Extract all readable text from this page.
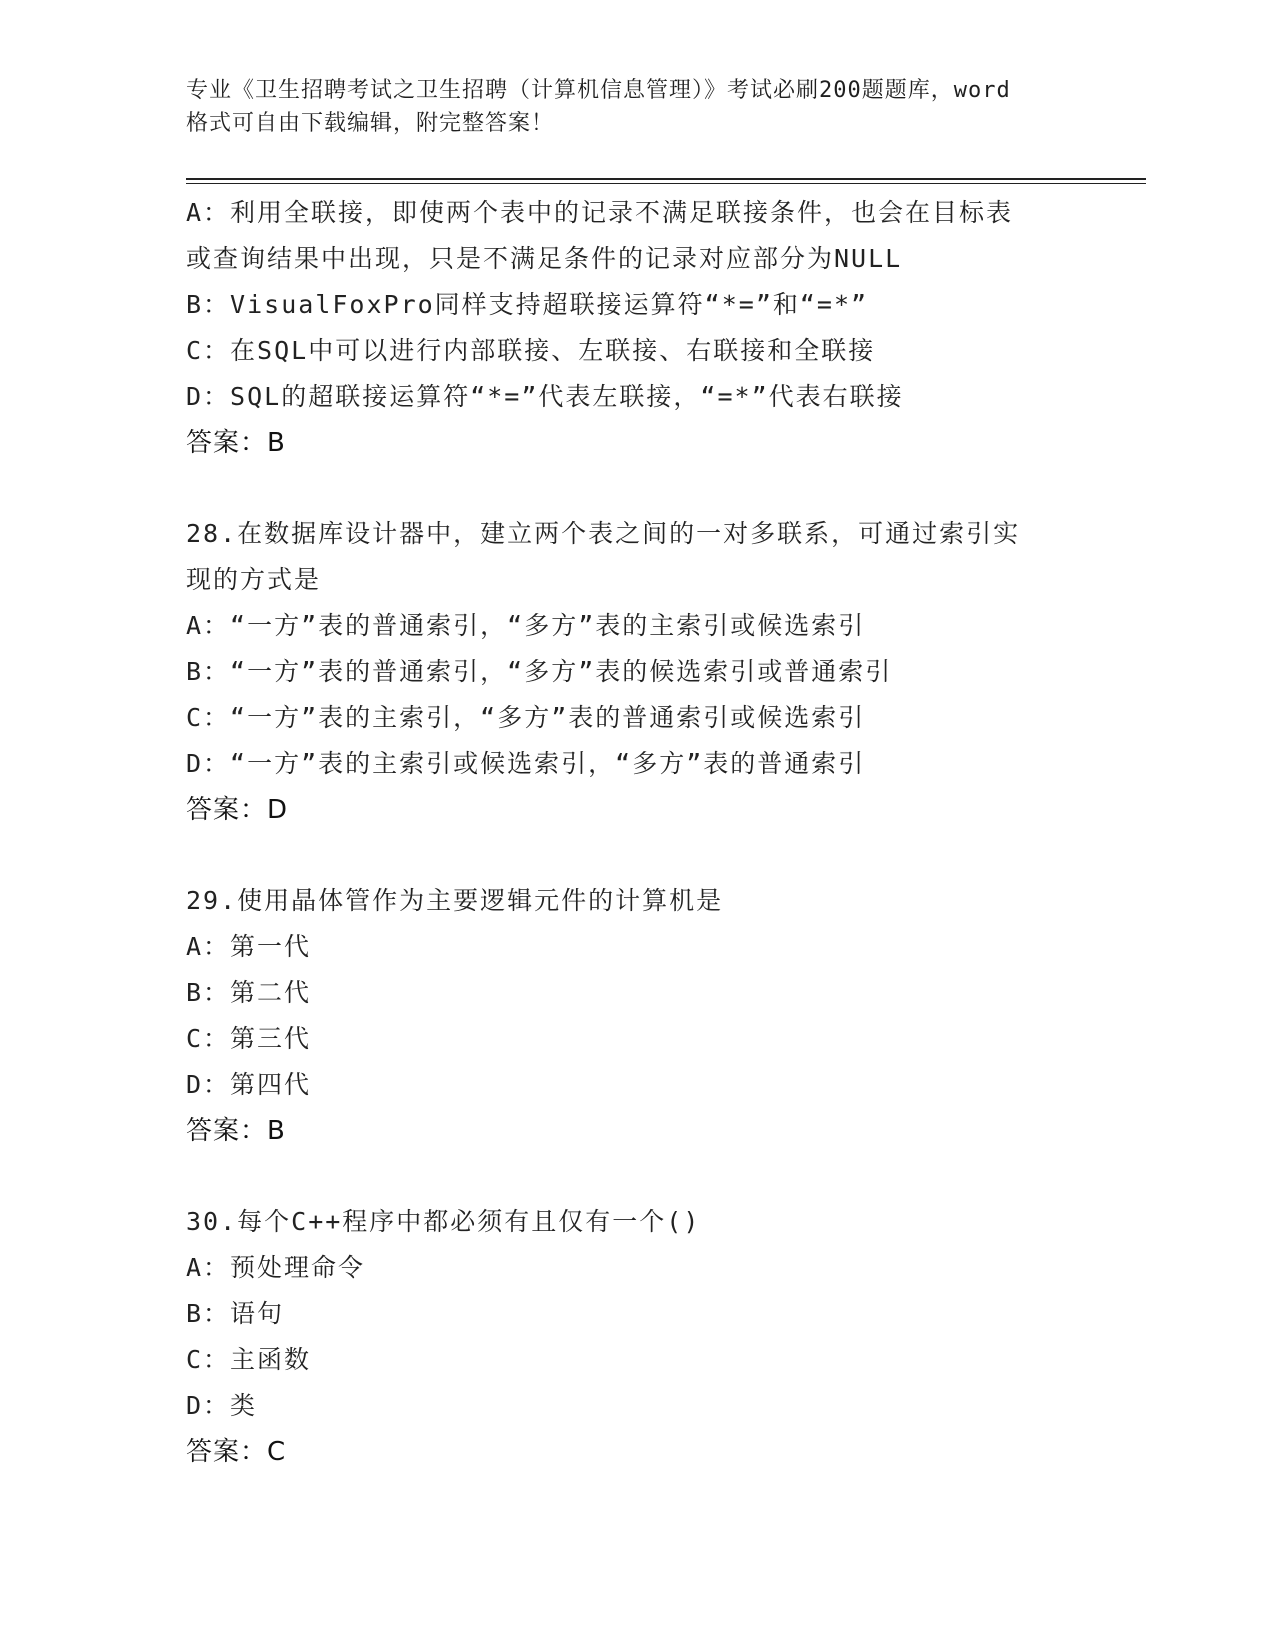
专业《卫生招聘考试之卫生招聘（计算机信息管理）》考试必刷200题题库，word
格式可自由下载编辑，附完整答案！
A：利用全联接，即使两个表中的记录不满足联接条件，也会在目标表
或查询结果中出现，只是不满足条件的记录对应部分为NULL
B：VisualFoxPro同样支持超联接运算符“*=”和“=*”
C：在SQL中可以进行内部联接、左联接、右联接和全联接
D：SQL的超联接运算符“*=”代表左联接，“=*”代表右联接
答案：B
28.在数据库设计器中，建立两个表之间的一对多联系，可通过索引实
现的方式是
A：“一方”表的普通索引，“多方”表的主索引或候选索引
B：“一方”表的普通索引，“多方”表的候选索引或普通索引
C：“一方”表的主索引，“多方”表的普通索引或候选索引
D：“一方”表的主索引或候选索引，“多方”表的普通索引
答案：D
29.使用晶体管作为主要逻辑元件的计算机是
A：第一代
B：第二代
C：第三代
D：第四代
答案：B
30.每个C++程序中都必须有且仅有一个()
A：预处理命令
B：语句
C：主函数
D：类
答案：C
